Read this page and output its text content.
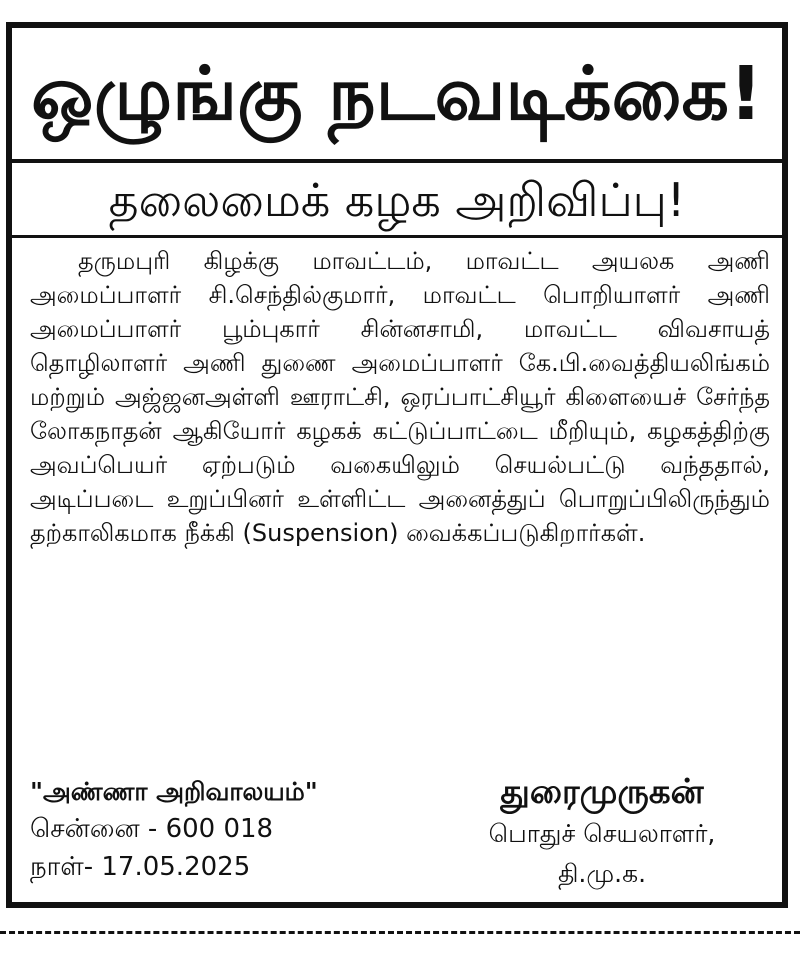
ஒழுங்கு நடவடிக்கை!
தலைமைக் கழக அறிவிப்பு!

தருமபுரி கிழக்கு மாவட்டம், மாவட்ட அயலக அணி அமைப்பாளர் சி.செந்தில்குமார், மாவட்ட பொறியாளர் அணி அமைப்பாளர் பூம்புகார் சின்னசாமி, மாவட்ட விவசாயத் தொழிலாளர் அணி துணை அமைப்பாளர் கே.பி.வைத்தியலிங்கம் மற்றும் அஜ்ஜனஅள்ளி ஊராட்சி, ஒரப்பாட்சியூர் கிளையைச் சேர்ந்த லோகநாதன் ஆகியோர் கழகக் கட்டுப்பாட்டை மீறியும், கழகத்திற்கு அவப்பெயர் ஏற்படும் வகையிலும் செயல்பட்டு வந்ததால், அடிப்படை உறுப்பினர் உள்ளிட்ட அனைத்துப் பொறுப்பிலிருந்தும் தற்காலிகமாக நீக்கி (Suspension) வைக்கப்படுகிறார்கள்.

"அண்ணா அறிவாலயம்"
சென்னை - 600 018
நாள்- 17.05.2025
துரைமுருகன்
பொதுச் செயலாளர்,
தி.மு.க.
